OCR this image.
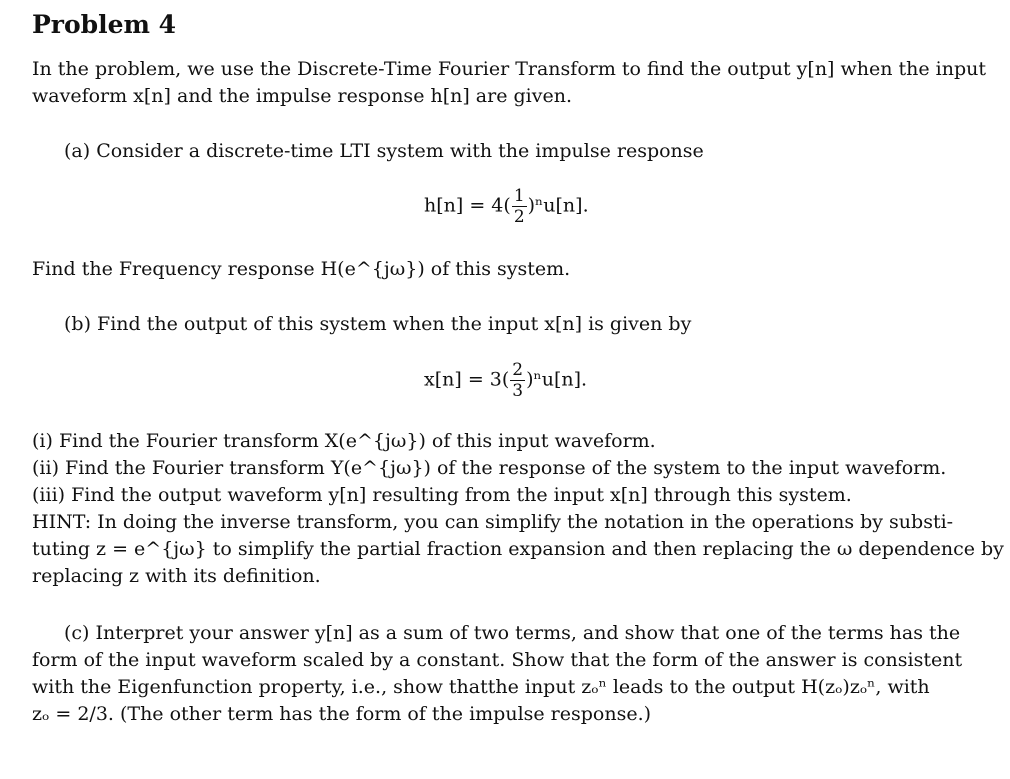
Problem 4

In the problem, we use the Discrete-Time Fourier Transform to find the output y[n] when the input
waveform x[n] and the impulse response h[n] are given.

(a) Consider a discrete-time LTI system with the impulse response

$h[n] = 4( \frac{1}{2} )^nu[n]$.

Find the Frequency response H(e^{jω}) of this system.

(b) Find the output of this system when the input x[n] is given by

$x[n] = 3( \frac{2}{3} )^nu[n]$.

(i) Find the Fourier transform X(e^{jω}) of this input waveform.
(ii) Find the Fourier transform Y(e^{jω}) of the response of the system to the input waveform.
(iii) Find the output waveform y[n] resulting from the input x[n] through this system.
HINT: In doing the inverse transform, you can simplify the notation in the operations by substi-
tuting z = e^{jω} to simplify the partial fraction expansion and then replacing the ω dependence by
replacing z with its definition.

(c) Interpret your answer y[n] as a sum of two terms, and show that one of the terms has the
form of the input waveform scaled by a constant. Show that the form of the answer is consistent
with the Eigenfunction property, i.e., show thatthe input zₒⁿ leads to the output H(zₒ)zₒⁿ, with
zₒ = 2/3. (The other term has the form of the impulse response.)
